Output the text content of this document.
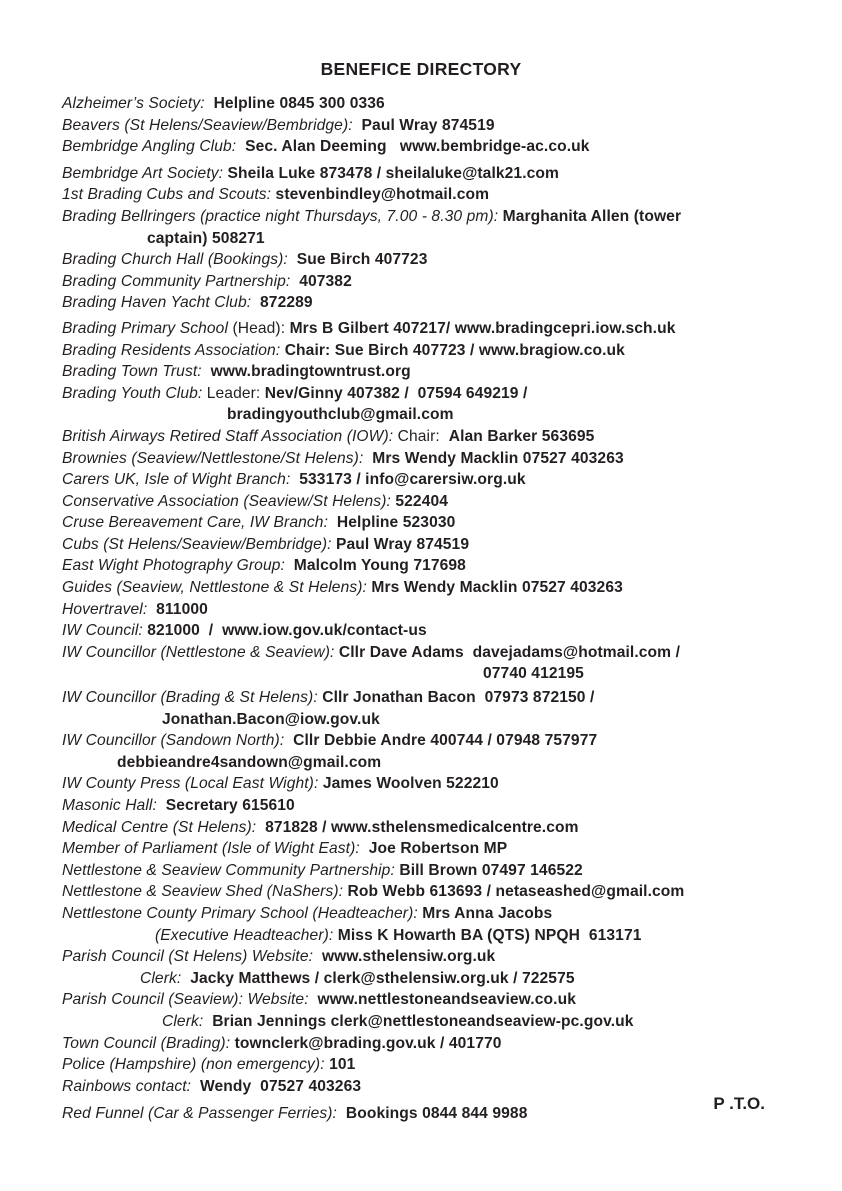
BENEFICE DIRECTORY
Alzheimer’s Society:  Helpline 0845 300 0336
Beavers (St Helens/Seaview/Bembridge):  Paul Wray 874519
Bembridge Angling Club:  Sec. Alan Deeming   www.bembridge-ac.co.uk
Bembridge Art Society: Sheila Luke 873478 / sheilaluke@talk21.com
1st Brading Cubs and Scouts: stevenbindley@hotmail.com
Brading Bellringers (practice night Thursdays, 7.00 - 8.30 pm): Marghanita Allen (tower
captain) 508271
Brading Church Hall (Bookings):  Sue Birch 407723
Brading Community Partnership:  407382
Brading Haven Yacht Club:  872289
Brading Primary School (Head): Mrs B Gilbert 407217/ www.bradingcepri.iow.sch.uk
Brading Residents Association: Chair: Sue Birch 407723 / www.bragiow.co.uk
Brading Town Trust:  www.bradingtowntrust.org
Brading Youth Club: Leader: Nev/Ginny 407382 /  07594 649219 /
bradingyouthclub@gmail.com
British Airways Retired Staff Association (IOW): Chair:  Alan Barker 563695
Brownies (Seaview/Nettlestone/St Helens):  Mrs Wendy Macklin 07527 403263
Carers UK, Isle of Wight Branch:  533173 / info@carersiw.org.uk
Conservative Association (Seaview/St Helens): 522404
Cruse Bereavement Care, IW Branch:  Helpline 523030
Cubs (St Helens/Seaview/Bembridge): Paul Wray 874519
East Wight Photography Group:  Malcolm Young 717698
Guides (Seaview, Nettlestone & St Helens): Mrs Wendy Macklin 07527 403263
Hovertravel:  811000
IW Council: 821000  /  www.iow.gov.uk/contact-us
IW Councillor (Nettlestone & Seaview): Cllr Dave Adams  davejadams@hotmail.com /
07740 412195
IW Councillor (Brading & St Helens): Cllr Jonathan Bacon  07973 872150 /
Jonathan.Bacon@iow.gov.uk
IW Councillor (Sandown North):  Cllr Debbie Andre 400744 / 07948 757977
debbieandre4sandown@gmail.com
IW County Press (Local East Wight): James Woolven 522210
Masonic Hall:  Secretary 615610
Medical Centre (St Helens):  871828 / www.sthelensmedicalcentre.com
Member of Parliament (Isle of Wight East):  Joe Robertson MP
Nettlestone & Seaview Community Partnership: Bill Brown 07497 146522
Nettlestone & Seaview Shed (NaShers): Rob Webb 613693 / netaseashed@gmail.com
Nettlestone County Primary School (Headteacher): Mrs Anna Jacobs
(Executive Headteacher): Miss K Howarth BA (QTS) NPQH  613171
Parish Council (St Helens) Website:  www.sthelensiw.org.uk
Clerk:  Jacky Matthews / clerk@sthelensiw.org.uk / 722575
Parish Council (Seaview): Website:  www.nettlestoneandseaview.co.uk
Clerk:  Brian Jennings clerk@nettlestoneandseaview-pc.gov.uk
Town Council (Brading): townclerk@brading.gov.uk / 401770
Police (Hampshire) (non emergency): 101
Rainbows contact:  Wendy  07527 403263
Red Funnel (Car & Passenger Ferries):  Bookings 0844 844 9988
P .T.O.
